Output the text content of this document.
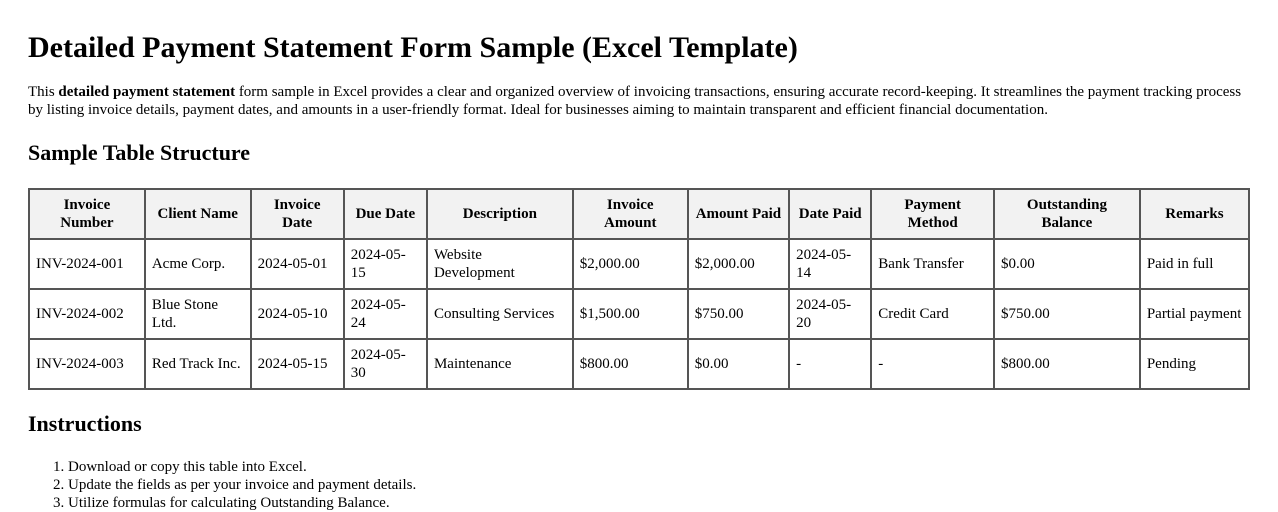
Detailed Payment Statement Form Sample (Excel Template)

This detailed payment statement form sample in Excel provides a clear and organized overview of invoicing transactions, ensuring accurate record-keeping. It streamlines the payment tracking process by listing invoice details, payment dates, and amounts in a user-friendly format. Ideal for businesses aiming to maintain transparent and efficient financial documentation.

Sample Table Structure
Invoice Number	Client Name	Invoice Date	Due Date	Description	Invoice Amount	Amount Paid	Date Paid	Payment Method	Outstanding Balance	Remarks
INV-2024-001	Acme Corp.	2024-05-01	2024-05-15	Website Development	$2,000.00	$2,000.00	2024-05-14	Bank Transfer	$0.00	Paid in full
INV-2024-002	Blue Stone Ltd.	2024-05-10	2024-05-24	Consulting Services	$1,500.00	$750.00	2024-05-20	Credit Card	$750.00	Partial payment
INV-2024-003	Red Track Inc.	2024-05-15	2024-05-30	Maintenance	$800.00	$0.00	-	-	$800.00	Pending
Instructions
1. Download or copy this table into Excel.
2. Update the fields as per your invoice and payment details.
3. Utilize formulas for calculating Outstanding Balance.
